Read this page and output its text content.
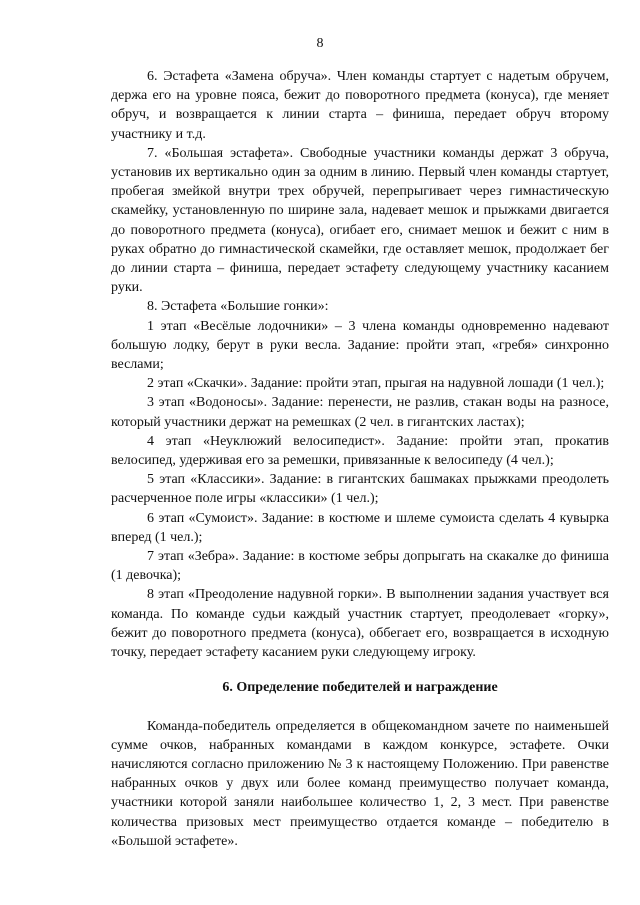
8

6. Эстафета «Замена обруча». Член команды стартует с надетым обручем, держа его на уровне пояса, бежит до поворотного предмета (конуса), где меняет обруч, и возвращается к линии старта – финиша, передает обруч второму участнику и т.д.

7. «Большая эстафета». Свободные участники команды держат 3 обруча, установив их вертикально один за одним в линию. Первый член команды стартует, пробегая змейкой внутри трех обручей, перепрыгивает через гимнастическую скамейку, установленную по ширине зала, надевает мешок и прыжками двигается до поворотного предмета (конуса), огибает его, снимает мешок и бежит с ним в руках обратно до гимнастической скамейки, где оставляет мешок, продолжает бег до линии старта – финиша, передает эстафету следующему участнику касанием руки.

8. Эстафета «Большие гонки»:

1 этап «Весёлые лодочники» – 3 члена команды одновременно надевают большую лодку, берут в руки весла. Задание: пройти этап, «гребя» синхронно веслами;

2 этап «Скачки». Задание: пройти этап, прыгая на надувной лошади (1 чел.);

3 этап «Водоносы». Задание: перенести, не разлив, стакан воды на разносе, который участники держат на ремешках (2 чел. в гигантских ластах);

4 этап «Неуклюжий велосипедист». Задание: пройти этап, прокатив велосипед, удерживая его за ремешки, привязанные к велосипеду (4 чел.);

5 этап «Классики». Задание: в гигантских башмаках прыжками преодолеть расчерченное поле игры «классики» (1 чел.);

6 этап «Сумоист». Задание: в костюме и шлеме сумоиста сделать 4 кувырка вперед (1 чел.);

7 этап «Зебра». Задание: в костюме зебры допрыгать на скакалке до финиша (1 девочка);

8 этап «Преодоление надувной горки». В выполнении задания участвует вся команда. По команде судьи каждый участник стартует, преодолевает «горку», бежит до поворотного предмета (конуса), оббегает его, возвращается в исходную точку, передает эстафету касанием руки следующему игроку.

6. Определение победителей и награждение

Команда-победитель определяется в общекомандном зачете по наименьшей сумме очков, набранных командами в каждом конкурсе, эстафете. Очки начисляются согласно приложению № 3 к настоящему Положению. При равенстве набранных очков у двух или более команд преимущество получает команда, участники которой заняли наибольшее количество 1, 2, 3 мест. При равенстве количества призовых мест преимущество отдается команде – победителю в «Большой эстафете».
